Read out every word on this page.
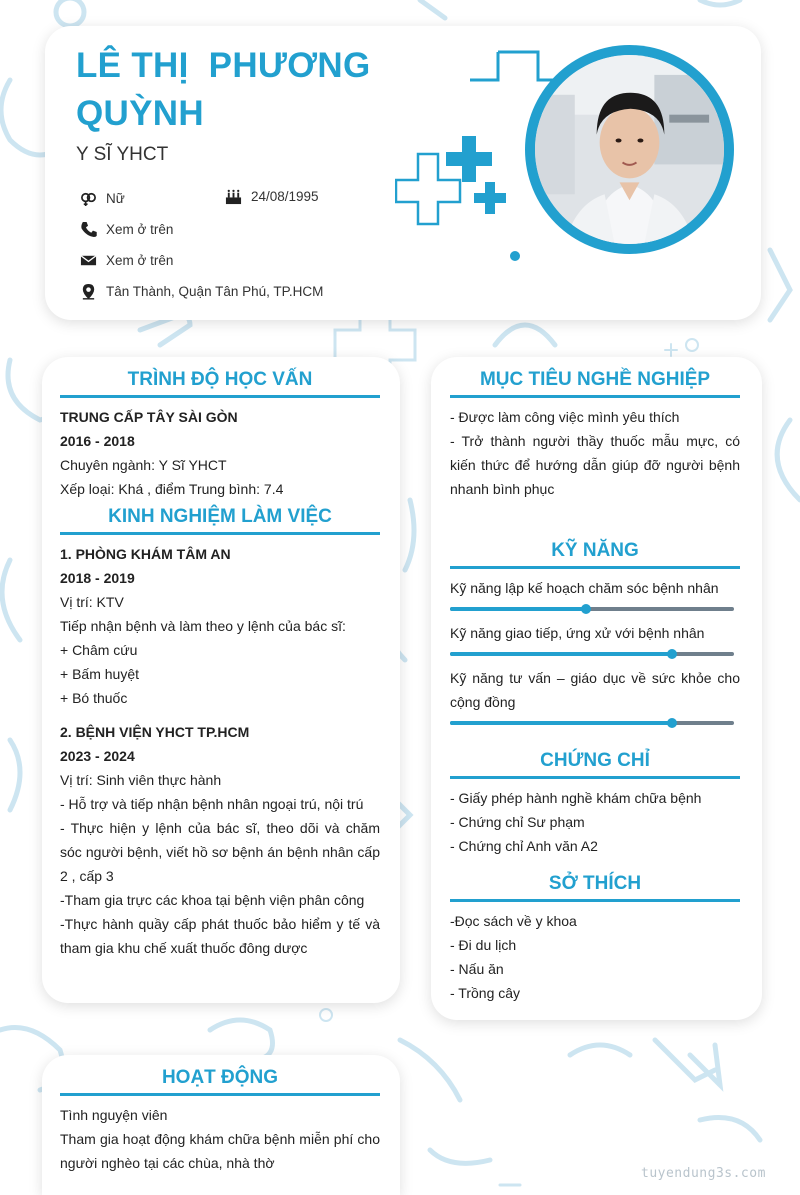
LÊ THỊ  PHƯƠNG QUỲNH
Y SĨ YHCT
Nữ	24/08/1995
Xem ở trên
Xem ở trên
Tân Thành, Quận Tân Phú, TP.HCM
TRÌNH ĐỘ HỌC VẤN
TRUNG CẤP TÂY SÀI GÒN
2016 - 2018
Chuyên ngành: Y Sĩ YHCT
Xếp loại: Khá , điểm Trung bình: 7.4
KINH NGHIỆM LÀM VIỆC
1. PHÒNG KHÁM TÂM AN
2018 - 2019
Vị trí: KTV
Tiếp nhận bệnh và làm theo y lệnh của bác sĩ:
+ Châm cứu
+ Bấm huyệt
+ Bó thuốc
2. BỆNH VIỆN YHCT TP.HCM
2023 - 2024
Vị trí: Sinh viên thực hành
- Hỗ trợ và tiếp nhận bệnh nhân ngoại trú, nội trú
- Thực hiện y lệnh của bác sĩ, theo dõi và chăm sóc người bệnh, viết hồ sơ bệnh án bệnh nhân cấp 2 , cấp 3
-Tham gia trực các khoa tại bệnh viện phân công
-Thực hành quầy cấp phát thuốc bảo hiểm y tế và tham gia khu chế xuất thuốc đông dược
MỤC TIÊU NGHỀ NGHIỆP
- Được làm công việc mình yêu thích
- Trở thành người thầy thuốc mẫu mực, có kiến thức để hướng dẫn giúp đỡ người bệnh nhanh bình phục
KỸ NĂNG
Kỹ năng lập kế hoạch chăm sóc bệnh nhân
Kỹ năng giao tiếp, ứng xử với bệnh nhân
Kỹ năng tư vấn – giáo dục về sức khỏe cho cộng đồng
CHỨNG CHỈ
- Giấy phép hành nghề khám chữa bệnh
- Chứng chỉ Sư phạm
- Chứng chỉ Anh văn A2
SỞ THÍCH
-Đọc sách về y khoa
- Đi du lịch
- Nấu ăn
- Trồng cây
HOẠT ĐỘNG
Tình nguyện viên
Tham gia hoạt động khám chữa bệnh miễn phí cho người nghèo tại các chùa, nhà thờ
tuyendung3s.com
